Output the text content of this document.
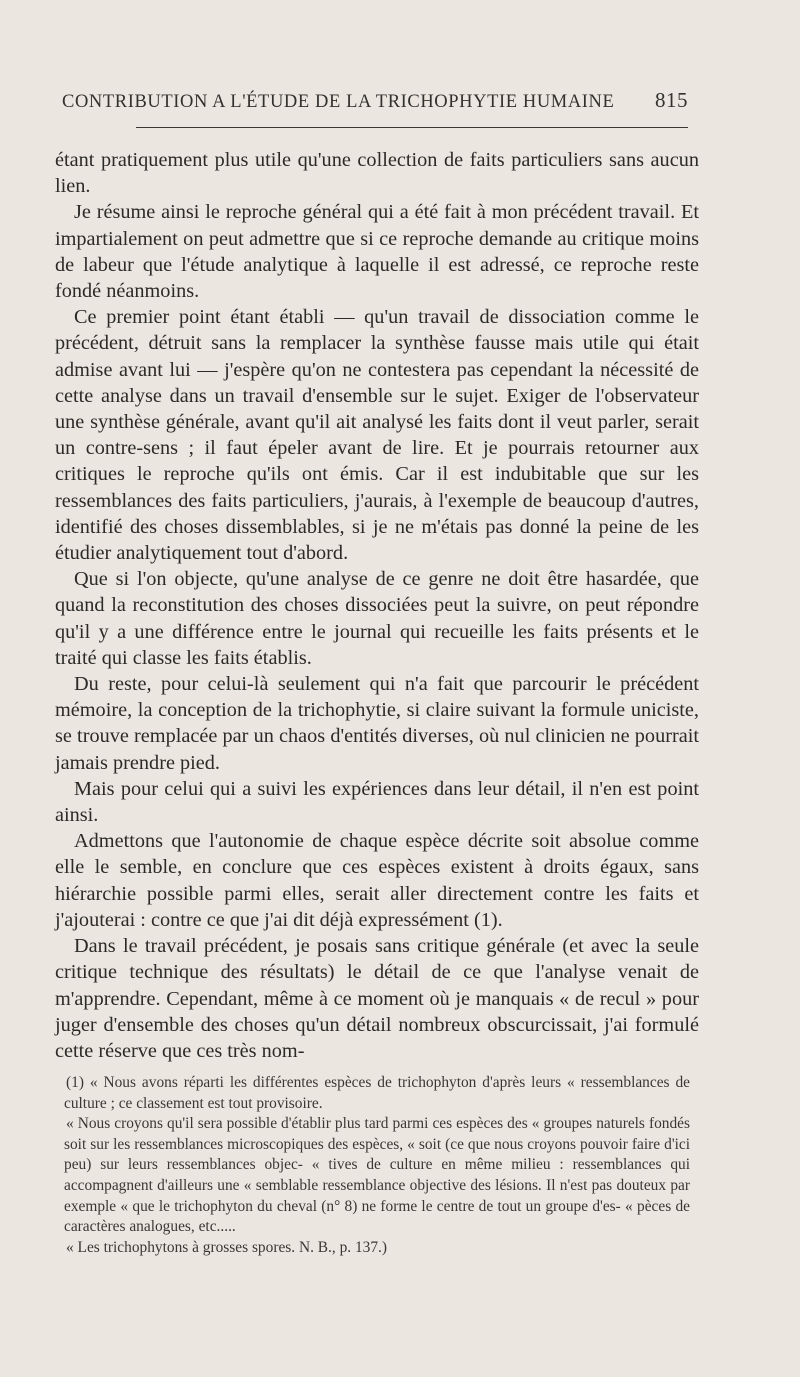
CONTRIBUTION A L'ÉTUDE DE LA TRICHOPHYTIE HUMAINE 815

étant pratiquement plus utile qu'une collection de faits particuliers sans aucun lien.

Je résume ainsi le reproche général qui a été fait à mon précédent travail. Et impartialement on peut admettre que si ce reproche demande au critique moins de labeur que l'étude analytique à laquelle il est adressé, ce reproche reste fondé néanmoins.

Ce premier point étant établi — qu'un travail de dissociation comme le précédent, détruit sans la remplacer la synthèse fausse mais utile qui était admise avant lui — j'espère qu'on ne contestera pas cependant la nécessité de cette analyse dans un travail d'ensemble sur le sujet. Exiger de l'observateur une synthèse générale, avant qu'il ait analysé les faits dont il veut parler, serait un contre-sens ; il faut épeler avant de lire. Et je pourrais retourner aux critiques le reproche qu'ils ont émis. Car il est indubitable que sur les ressemblances des faits particuliers, j'aurais, à l'exemple de beaucoup d'autres, identifié des choses dissemblables, si je ne m'étais pas donné la peine de les étudier analytiquement tout d'abord.

Que si l'on objecte, qu'une analyse de ce genre ne doit être hasardée, que quand la reconstitution des choses dissociées peut la suivre, on peut répondre qu'il y a une différence entre le journal qui recueille les faits présents et le traité qui classe les faits établis.

Du reste, pour celui-là seulement qui n'a fait que parcourir le précédent mémoire, la conception de la trichophytie, si claire suivant la formule uniciste, se trouve remplacée par un chaos d'entités diverses, où nul clinicien ne pourrait jamais prendre pied.

Mais pour celui qui a suivi les expériences dans leur détail, il n'en est point ainsi.

Admettons que l'autonomie de chaque espèce décrite soit absolue comme elle le semble, en conclure que ces espèces existent à droits égaux, sans hiérarchie possible parmi elles, serait aller directement contre les faits et j'ajouterai : contre ce que j'ai dit déjà expressément (1).

Dans le travail précédent, je posais sans critique générale (et avec la seule critique technique des résultats) le détail de ce que l'analyse venait de m'apprendre. Cependant, même à ce moment où je manquais « de recul » pour juger d'ensemble des choses qu'un détail nombreux obscurcissait, j'ai formulé cette réserve que ces très nom-

(1) « Nous avons réparti les différentes espèces de trichophyton d'après leurs « ressemblances de culture ; ce classement est tout provisoire.

« Nous croyons qu'il sera possible d'établir plus tard parmi ces espèces des « groupes naturels fondés soit sur les ressemblances microscopiques des espèces, « soit (ce que nous croyons pouvoir faire d'ici peu) sur leurs ressemblances objec- « tives de culture en même milieu : ressemblances qui accompagnent d'ailleurs une « semblable ressemblance objective des lésions. Il n'est pas douteux par exemple « que le trichophyton du cheval (n° 8) ne forme le centre de tout un groupe d'es- « pèces de caractères analogues, etc.....

« Les trichophytons à grosses spores. N. B., p. 137.)
